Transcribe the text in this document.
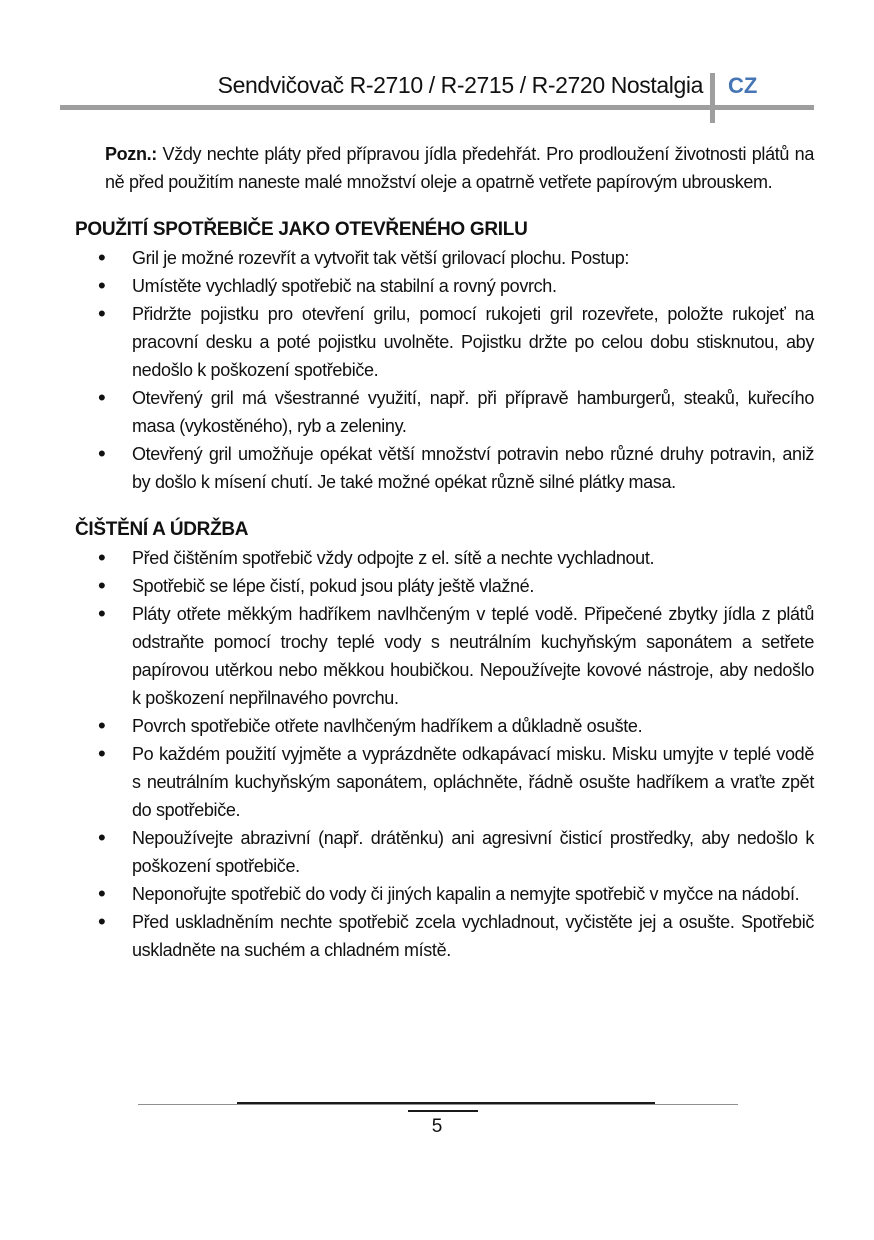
Sendvičovač R-2710 / R-2715 / R-2720 Nostalgia	CZ

Pozn.: Vždy nechte pláty před přípravou jídla předehřát. Pro prodloužení životnosti plátů na ně před použitím naneste malé množství oleje a opatrně vetřete papírovým ubrouskem.

POUŽITÍ SPOTŘEBIČE JAKO OTEVŘENÉHO GRILU
• Gril je možné rozevřít a vytvořit tak větší grilovací plochu. Postup:
• Umístěte vychladlý spotřebič na stabilní a rovný povrch.
• Přidržte pojistku pro otevření grilu, pomocí rukojeti gril rozevřete, položte rukojeť na pracovní desku a poté pojistku uvolněte. Pojistku držte po celou dobu stisknutou, aby nedošlo k poškození spotřebiče.
• Otevřený gril má všestranné využití, např. při přípravě hamburgerů, steaků, kuřecího masa (vykostěného), ryb a zeleniny.
• Otevřený gril umožňuje opékat větší množství potravin nebo různé druhy potravin, aniž by došlo k mísení chutí. Je také možné opékat různě silné plátky masa.
ČIŠTĚNÍ A ÚDRŽBA
• Před čištěním spotřebič vždy odpojte z el. sítě a nechte vychladnout.
• Spotřebič se lépe čistí, pokud jsou pláty ještě vlažné.
• Pláty otřete měkkým hadříkem navlhčeným v teplé vodě. Připečené zbytky jídla z plátů odstraňte pomocí trochy teplé vody s neutrálním kuchyňským saponátem a setřete papírovou utěrkou nebo měkkou houbičkou. Nepoužívejte kovové nástroje, aby nedošlo k poškození nepřilnavého povrchu.
• Povrch spotřebiče otřete navlhčeným hadříkem a důkladně osušte.
• Po každém použití vyjměte a vyprázdněte odkapávací misku. Misku umyjte v teplé vodě s neutrálním kuchyňským saponátem, opláchněte, řádně osušte hadříkem a vraťte zpět do spotřebiče.
• Nepoužívejte abrazivní (např. drátěnku) ani agresivní čisticí prostředky, aby nedošlo k poškození spotřebiče.
• Neponořujte spotřebič do vody či jiných kapalin a nemyjte spotřebič v myčce na nádobí.
• Před uskladněním nechte spotřebič zcela vychladnout, vyčistěte jej a osušte. Spotřebič uskladněte na suchém a chladném místě.
5
